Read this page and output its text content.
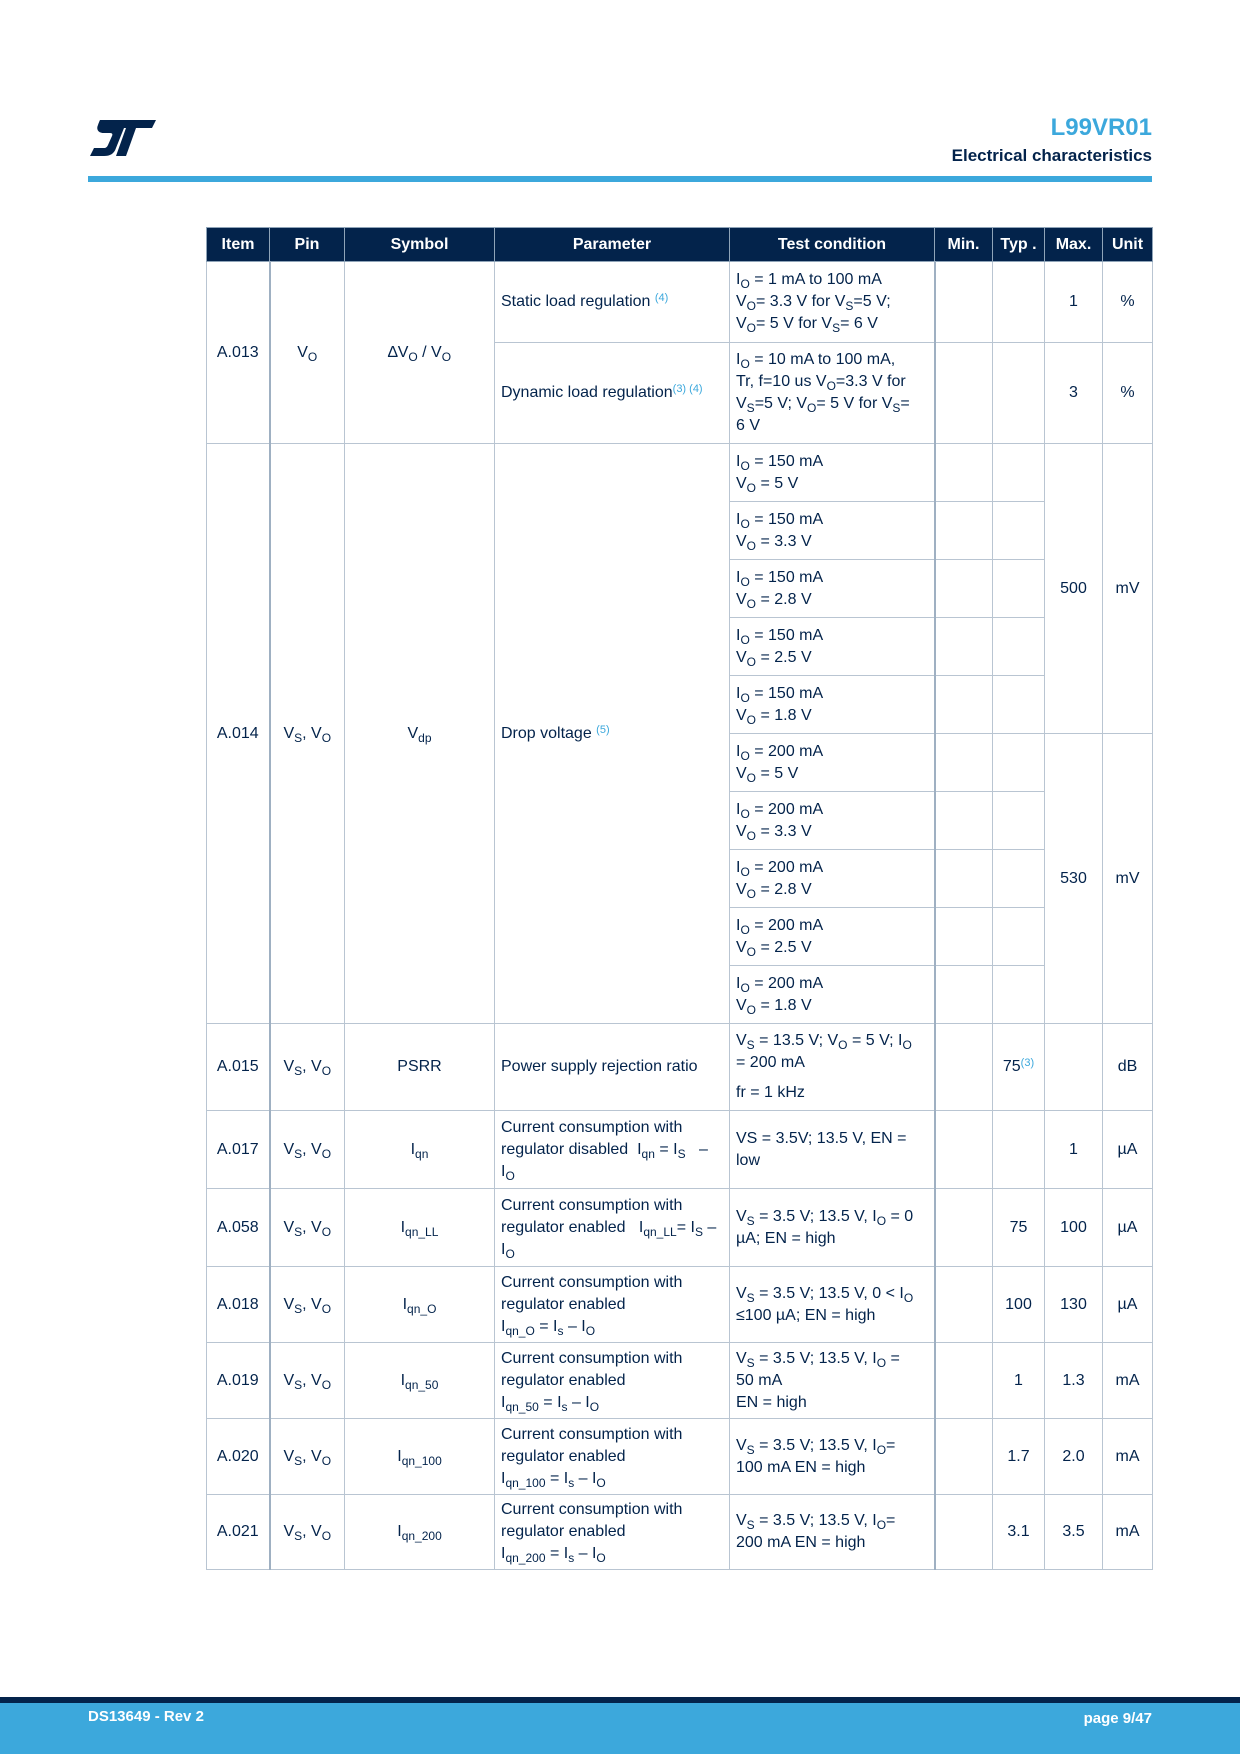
L99VR01
Electrical characteristics
Item	Pin	Symbol	Parameter	Test condition	Min.	Typ .	Max.	Unit
A.013	$V_O$	$\Delta V_O / V_O$	Static load regulation $^{(4)}$	$I_O = 1$ mA to 100 mA
$V_O= 3.3$ V for $V_S=5$ V;
$V_O= 5$ V for $V_S= 6$ V			1	%
			Dynamic load regulation$^{(3) (4)}$	$I_O = 10$ mA to 100 mA,
Tr, f=10 us $V_O=3.3$ V for
$V_S=5$ V; $V_O= 5$ V for $V_S=$
6 V			3	%
A.014	$V_S$, $V_O$	$V_{dp}$	Drop voltage $^{(5)}$	$I_O = 150$ mA
$V_O = 5$ V			500	mV
				$I_O = 150$ mA
$V_O = 3.3$ V				
				$I_O = 150$ mA
$V_O = 2.8$ V				
				$I_O = 150$ mA
$V_O = 2.5$ V				
				$I_O = 150$ mA
$V_O = 1.8$ V				
				$I_O = 200$ mA
$V_O = 5$ V			530	mV
				$I_O = 200$ mA
$V_O = 3.3$ V				
				$I_O = 200$ mA
$V_O = 2.8$ V				
				$I_O = 200$ mA
$V_O = 2.5$ V				
				$I_O = 200$ mA
$V_O = 1.8$ V				
A.015	$V_S$, $V_O$	PSRR	Power supply rejection ratio	$V_S = 13.5$ V; $V_O = 5$ V; $I_O$
= 200 mA
fr = 1 kHz		75$^{(3)}$		dB
A.017	$V_S$, $V_O$	$I_{qn}$	Current consumption with regulator disabled  $I_{qn} = I_S - I_O$	VS = 3.5V; 13.5 V, EN = low			1	µA
A.058	$V_S$, $V_O$	$I_{qn\_LL}$	Current consumption with regulator enabled   $I_{qn\_LL}= I_S - I_O$	$V_S = 3.5$ V; 13.5 V, $I_O = 0$ µA; EN = high		75	100	µA
A.018	$V_S$, $V_O$	$I_{qn\_O}$	Current consumption with regulator enabled
$I_{qn\_O} = I_s - I_O$	$V_S = 3.5$ V; 13.5 V, $0 < I_O$
≤100 µA; EN = high		100	130	µA
A.019	$V_S$, $V_O$	$I_{qn\_50}$	Current consumption with regulator enabled
$I_{qn\_50} = I_s - I_O$	$V_S = 3.5$ V; 13.5 V, $I_O$ =
50 mA
EN = high		1	1.3	mA
A.020	$V_S$, $V_O$	$I_{qn\_100}$	Current consumption with regulator enabled
$I_{qn\_100} = I_s - I_O$	$V_S = 3.5$ V; 13.5 V, $I_O=$
100 mA EN = high		1.7	2.0	mA
A.021	$V_S$, $V_O$	$I_{qn\_200}$	Current consumption with regulator enabled
$I_{qn\_200} = I_s - I_O$	$V_S = 3.5$ V; 13.5 V, $I_O=$
200 mA EN = high		3.1	3.5	mA
DS13649 - Rev 2	page 9/47
